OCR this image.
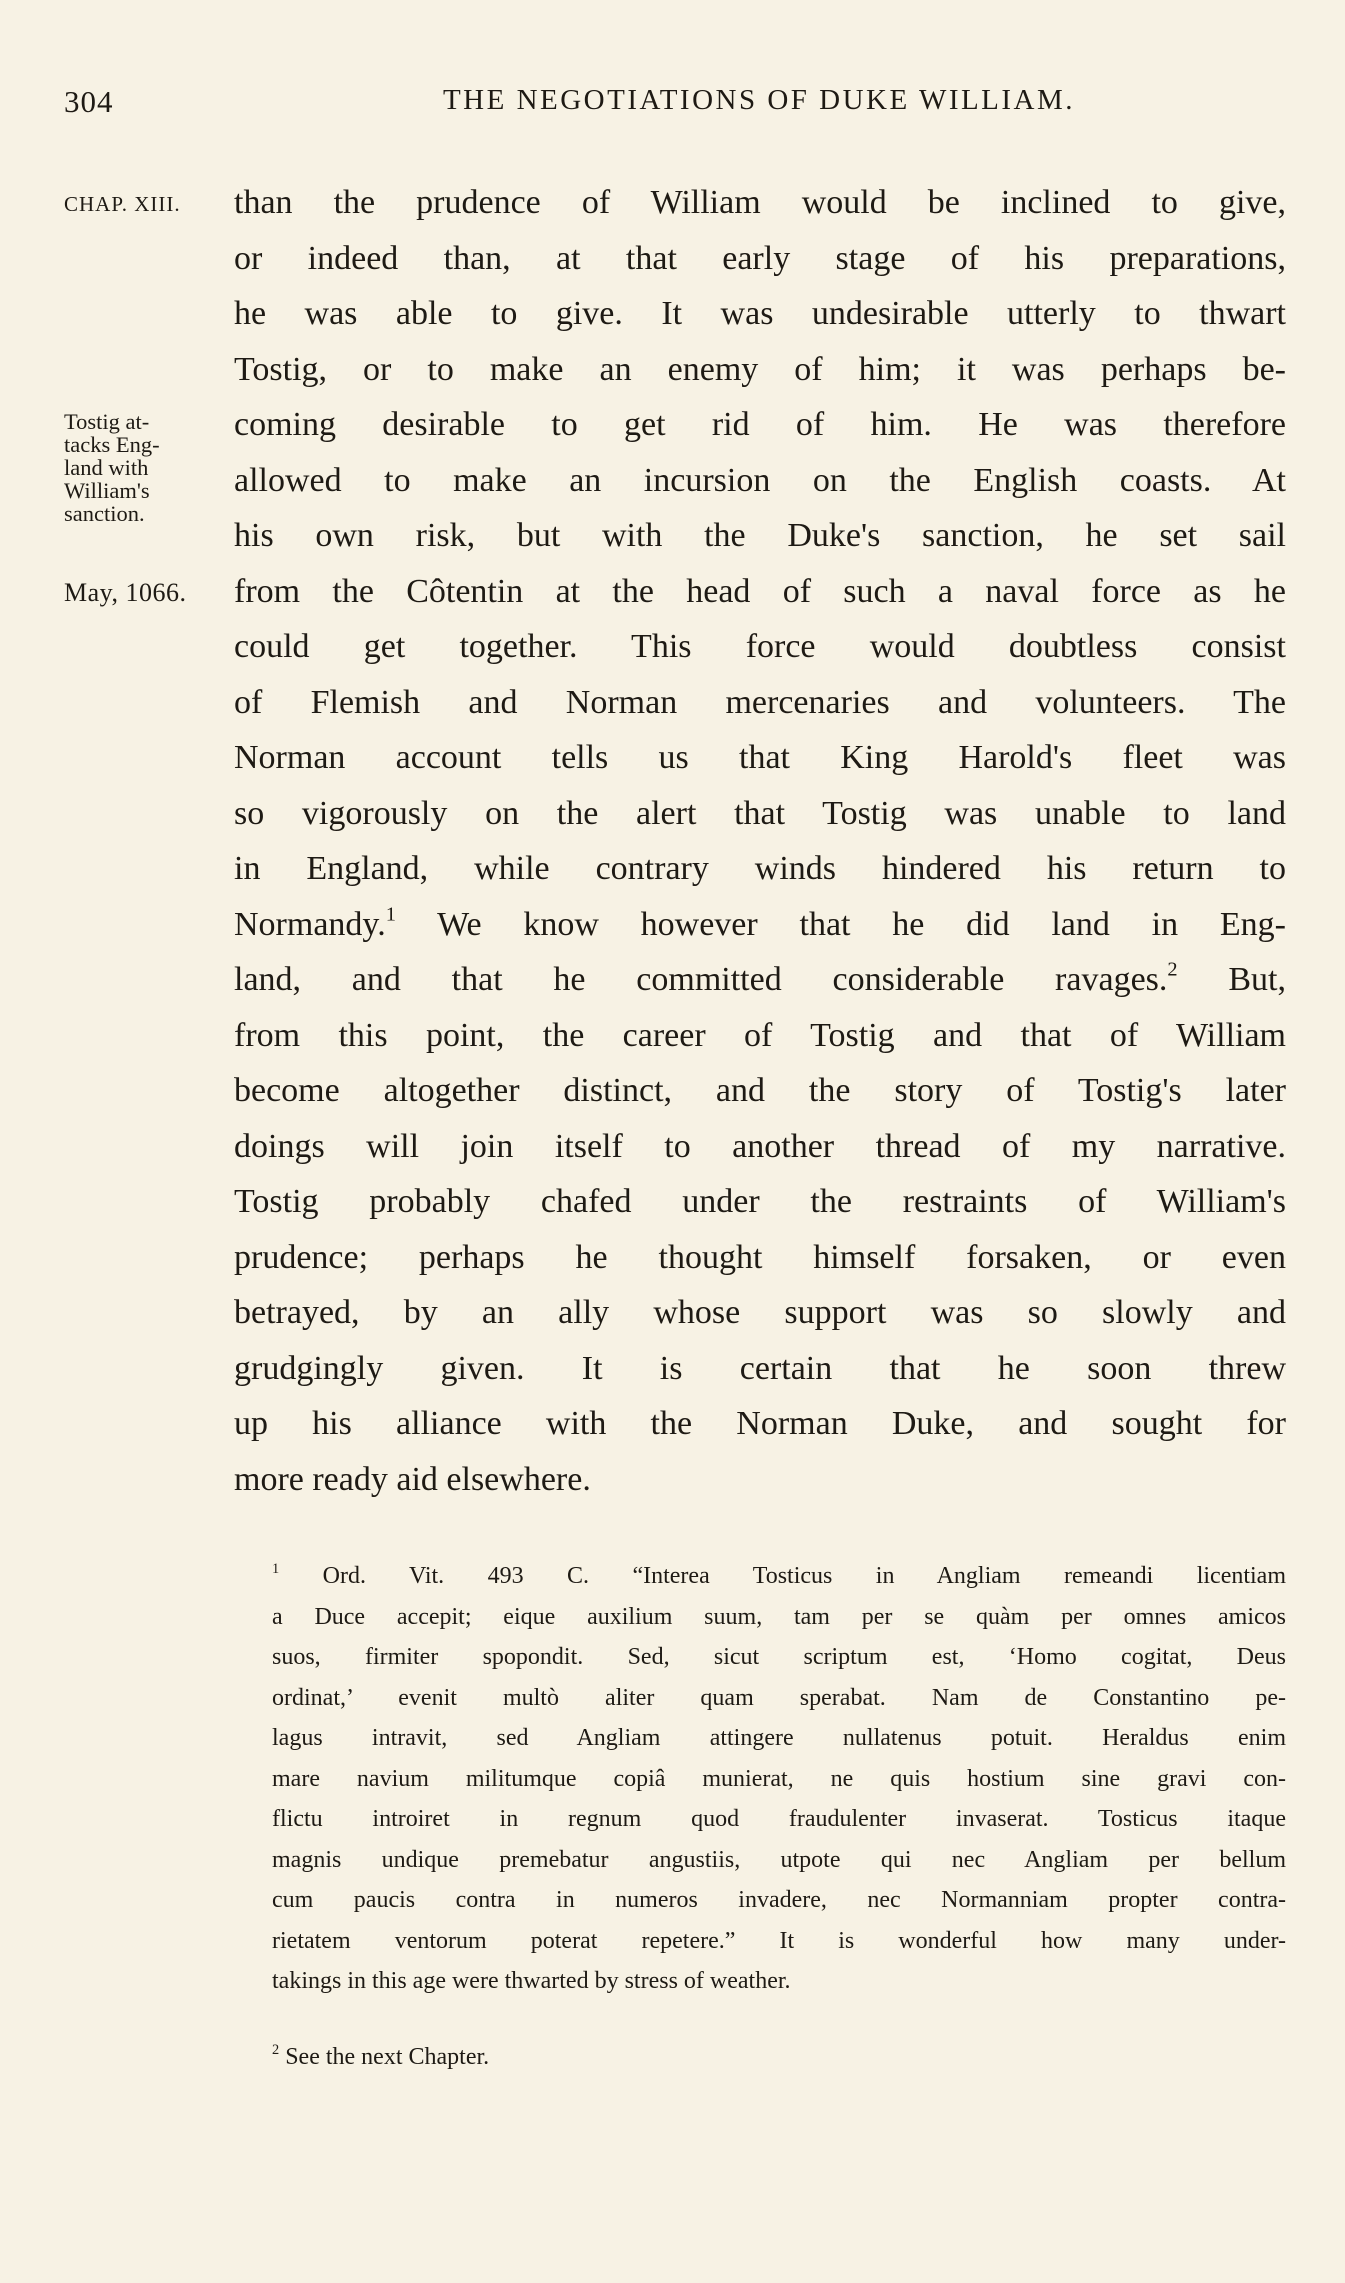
304	THE NEGOTIATIONS OF DUKE WILLIAM.
CHAP. XIII.
Tostig at-
tacks Eng-
land with
William's
sanction.
May, 1066.
than the prudence of William would be inclined to give,
or indeed than, at that early stage of his preparations,
he was able to give. It was undesirable utterly to thwart
Tostig, or to make an enemy of him; it was perhaps be-
coming desirable to get rid of him. He was therefore
allowed to make an incursion on the English coasts. At
his own risk, but with the Duke's sanction, he set sail
from the Côtentin at the head of such a naval force as he
could get together. This force would doubtless consist
of Flemish and Norman mercenaries and volunteers. The
Norman account tells us that King Harold's fleet was
so vigorously on the alert that Tostig was unable to land
in England, while contrary winds hindered his return to
Normandy.$^1$ We know however that he did land in Eng-
land, and that he committed considerable ravages.$^2$ But,
from this point, the career of Tostig and that of William
become altogether distinct, and the story of Tostig's later
doings will join itself to another thread of my narrative.
Tostig probably chafed under the restraints of William's
prudence; perhaps he thought himself forsaken, or even
betrayed, by an ally whose support was so slowly and
grudgingly given. It is certain that he soon threw
up his alliance with the Norman Duke, and sought for
more ready aid elsewhere.
$^1$ Ord. Vit. 493 C. “Interea Tosticus in Angliam remeandi licentiam
a Duce accepit; eique auxilium suum, tam per se quàm per omnes amicos
suos, firmiter spopondit. Sed, sicut scriptum est, ‘Homo cogitat, Deus
ordinat,’ evenit multò aliter quam sperabat. Nam de Constantino pe-
lagus intravit, sed Angliam attingere nullatenus potuit. Heraldus enim
mare navium militumque copiâ munierat, ne quis hostium sine gravi con-
flictu introiret in regnum quod fraudulenter invaserat. Tosticus itaque
magnis undique premebatur angustiis, utpote qui nec Angliam per bellum
cum paucis contra in numeros invadere, nec Normanniam propter contra-
rietatem ventorum poterat repetere.” It is wonderful how many under-
takings in this age were thwarted by stress of weather.
$^2$ See the next Chapter.
